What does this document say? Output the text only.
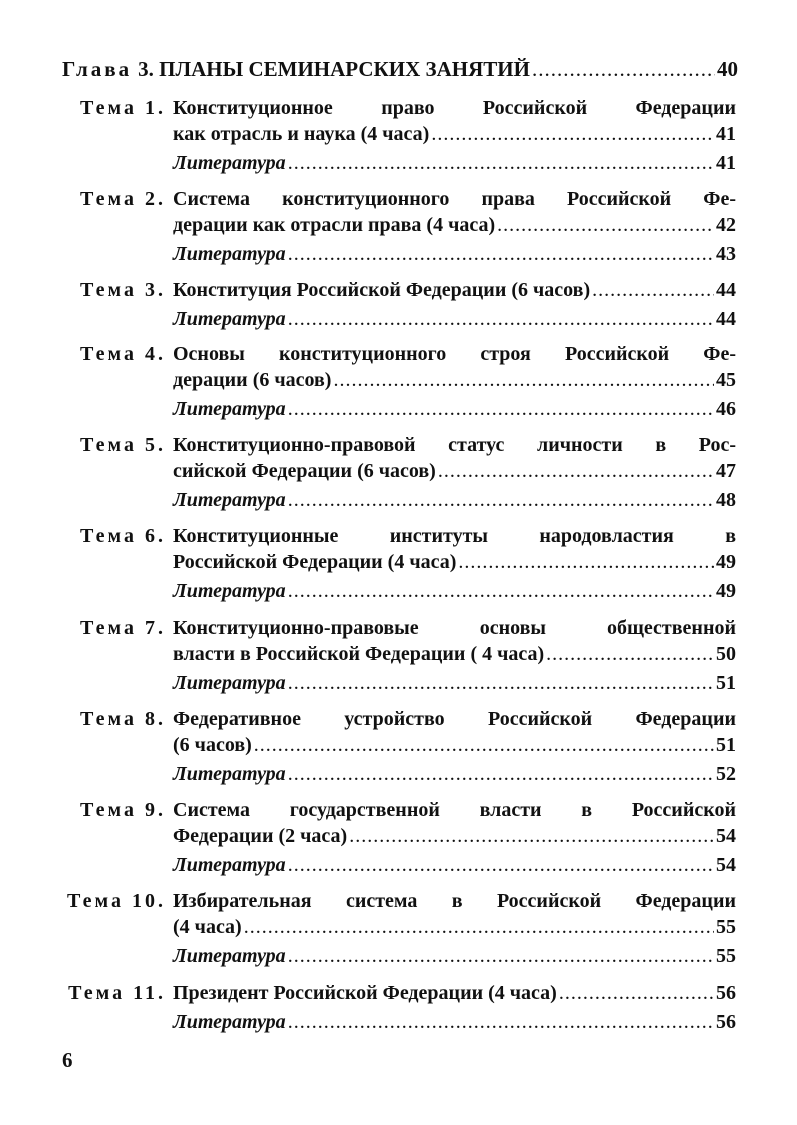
Глава 3. ПЛАНЫ СЕМИНАРСКИХ ЗАНЯТИЙ .....	40
Тема 1. Конституционное право Российской Федерации
как отрасль и наука (4 часа) .....	41
Литература .....	41
Тема 2. Система конституционного права Российской Фе-
дерации как отрасли права (4 часа) .....	42
Литература .....	43
Тема 3. Конституция Российской Федерации (6 часов) .....	44
Литература .....	44
Тема 4. Основы конституционного строя Российской Фе-
дерации (6 часов) .....	45
Литература .....	46
Тема 5. Конституционно-правовой статус личности в Рос-
сийской Федерации (6 часов) .....	47
Литература .....	48
Тема 6. Конституционные институты народовластия в
Российской Федерации (4 часа) .....	49
Литература .....	49
Тема 7. Конституционно-правовые основы общественной
власти в Российской Федерации ( 4 часа) .....	50
Литература .....	51
Тема 8. Федеративное устройство Российской Федерации
(6 часов) .....	51
Литература .....	52
Тема 9. Система государственной власти в Российской
Федерации (2 часа) .....	54
Литература .....	54
Тема 10. Избирательная система в Российской Федерации
(4 часа) .....	55
Литература .....	55
Тема 11. Президент Российской Федерации (4 часа) .....	56
Литература .....	56
6
